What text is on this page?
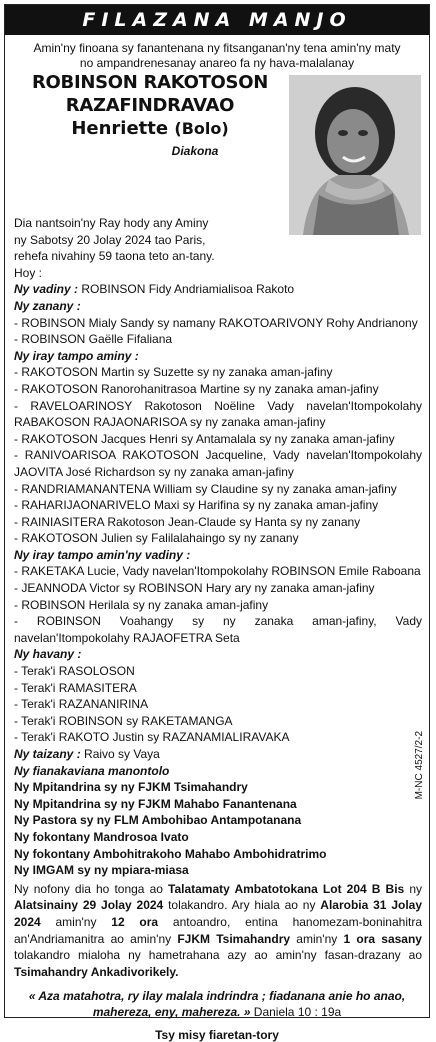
FILAZANA MANJO
Amin'ny finoana sy fanantenana ny fitsanganan'ny tena amin'ny maty
no ampandrenesanay anareo fa ny hava-malalanay
ROBINSON RAKOTOSON
RAZAFINDRAVAO
Henriette (Bolo)
Diakona
Dia nantsoin'ny Ray hody any Aminy
ny Sabotsy 20 Jolay 2024 tao Paris,
rehefa nivahiny 59 taona teto an-tany.
Hoy :
Ny vadiny : ROBINSON Fidy Andriamialisoa Rakoto
Ny zanany :
- ROBINSON Mialy Sandy sy namany RAKOTOARIVONY Rohy Andrianony
- ROBINSON Gaëlle Fifaliana
Ny iray tampo aminy :
- RAKOTOSON Martin sy Suzette sy ny zanaka aman-jafiny
- RAKOTOSON Ranorohanitrasoa Martine sy ny zanaka aman-jafiny
- RAVELOARINOSY Rakotoson Noëline Vady navelan'Itompokolahy
RABAKOSON RAJAONARISOA sy ny zanaka aman-jafiny
- RAKOTOSON Jacques Henri sy Antamalala sy ny zanaka aman-jafiny
- RANIVOARISOA RAKOTOSON Jacqueline, Vady navelan'Itompokolahy
JAOVITA José Richardson sy ny zanaka aman-jafiny
- RANDRIAMANANTENA William sy Claudine sy ny zanaka aman-jafiny
- RAHARIJAONARIVELO Maxi sy Harifina sy ny zanaka aman-jafiny
- RAINIASITERA Rakotoson Jean-Claude sy Hanta sy ny zanany
- RAKOTOSON Julien sy Falilalahaingo sy ny zanany
Ny iray tampo amin'ny vadiny :
- RAKETAKA Lucie, Vady navelan'Itompokolahy ROBINSON Emile Raboana
- JEANNODA Victor sy ROBINSON Hary ary ny zanaka aman-jafiny
- ROBINSON Herilala sy ny zanaka aman-jafiny
- ROBINSON Voahangy sy ny zanaka aman-jafiny, Vady
navelan'Itompokolahy RAJAOFETRA Seta
Ny havany :
- Terak'i RASOLOSON
- Terak'i RAMASITERA
- Terak'i RAZANANIRINA
- Terak'i ROBINSON sy RAKETAMANGA
- Terak'i RAKOTO Justin sy RAZANAMIALIRAVAKA
Ny taizany : Raivo sy Vaya
Ny fianakaviana manontolo
Ny Mpitandrina sy ny FJKM Tsimahandry
Ny Mpitandrina sy ny FJKM Mahabo Fanantenana
Ny Pastora sy ny FLM Ambohibao Antampotanana
Ny fokontany Mandrosoa Ivato
Ny fokontany Ambohitrakoho Mahabo Ambohidratrimo
Ny IMGAM sy ny mpiara-miasa
Ny nofony dia ho tonga ao Talatamaty Ambatotokana Lot 204 B Bis ny Alatsinainy 29 Jolay 2024 tolakandro. Ary hiala ao ny Alarobia 31 Jolay 2024 amin'ny 12 ora antoandro, entina hanomezam-boninahitra an'Andriamanitra ao amin'ny FJKM Tsimahandry amin'ny 1 ora sasany tolakandro mialoha ny hametrahana azy ao amin'ny fasan-drazany ao Tsimahandry Ankadivorikely.
« Aza matahotra, ry ilay malala indrindra ; fiadanana anie ho anao,
mahereza, eny, mahereza. » Daniela 10 : 19a
Tsy misy fiaretan-tory
M-NC 4527/2-2
